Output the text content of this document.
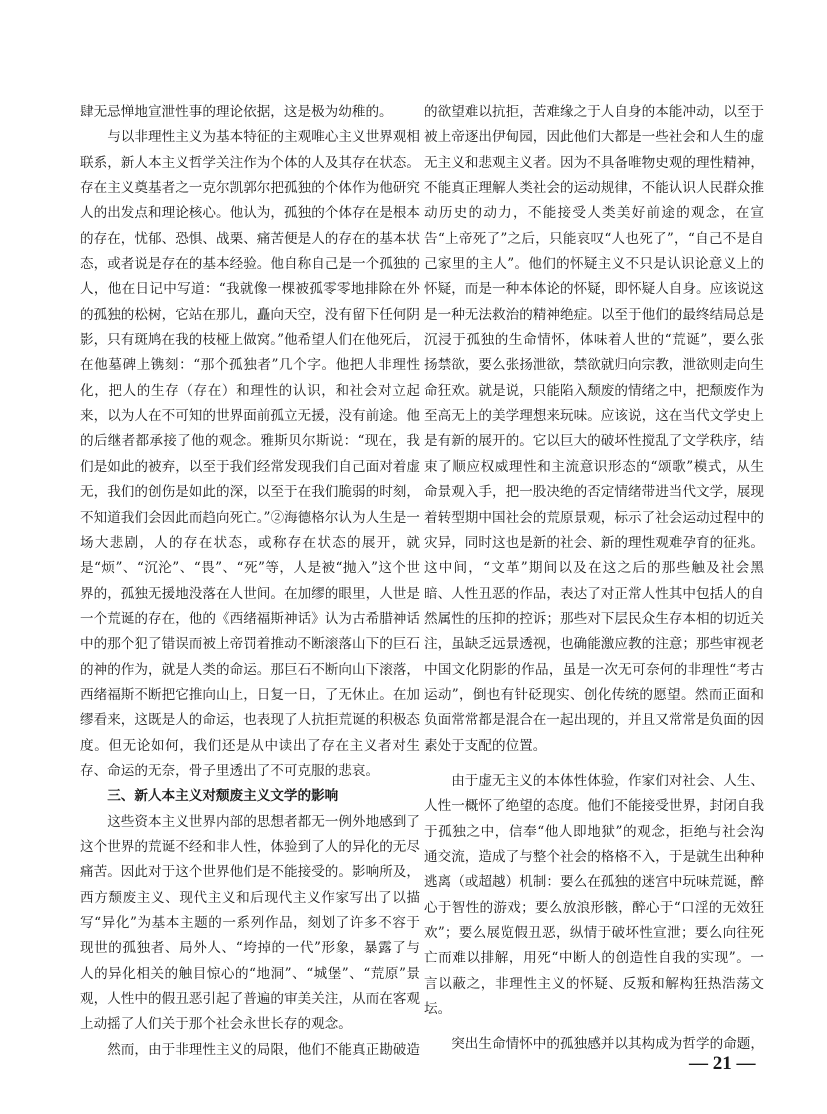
肆无忌惮地宣泄性事的理论依据，这是极为幼稚的。

与以非理性主义为基本特征的主观唯心主义世界观相联系，新人本主义哲学关注作为个体的人及其存在状态。存在主义奠基者之一克尔凯郭尔把孤独的个体作为他研究人的出发点和理论核心。他认为，孤独的个体存在是根本的存在，忧郁、恐惧、战栗、痛苦便是人的存在的基本状态，或者说是存在的基本经验。他自称自己是一个孤独的人，他在日记中写道：“我就像一棵被孤零零地排除在外的孤独的松树，它站在那儿，矗向天空，没有留下任何阴影，只有斑鸠在我的枝桠上做窝。”他希望人们在他死后，在他墓碑上镌刻：“那个孤独者”几个字。他把人非理性化，把人的生存（存在）和理性的认识，和社会对立起来，以为人在不可知的世界面前孤立无援，没有前途。他的后继者都承接了他的观念。雅斯贝尔斯说：“现在，我们是如此的被弃，以至于我们经常发现我们自己面对着虚无，我们的创伤是如此的深，以至于在我们脆弱的时刻，不知道我们会因此而趋向死亡。”②海德格尔认为人生是一场大悲剧，人的存在状态，或称存在状态的展开，就是“烦”、“沉沦”、“畏”、“死”等，人是被“抛入”这个世界的，孤独无援地没落在人世间。在加缪的眼里，人世是一个荒诞的存在，他的《西绪福斯神话》认为古希腊神话中的那个犯了错误而被上帝罚着推动不断滚落山下的巨石的神的作为，就是人类的命运。那巨石不断向山下滚落，西绪福斯不断把它推向山上，日复一日，了无休止。在加缪看来，这既是人的命运，也表现了人抗拒荒诞的积极态度。但无论如何，我们还是从中读出了存在主义者对生存、命运的无奈，骨子里透出了不可克服的悲哀。

三、新人本主义对颓废主义文学的影响

这些资本主义世界内部的思想者都无一例外地感到了这个世界的荒诞不经和非人性，体验到了人的异化的无尽痛苦。因此对于这个世界他们是不能接受的。影响所及，西方颓废主义、现代主义和后现代主义作家写出了以描写“异化”为基本主题的一系列作品，刻划了许多不容于现世的孤独者、局外人、“垮掉的一代”形象，暴露了与人的异化相关的触目惊心的“地洞”、“城堡”、“荒原”景观，人性中的假丑恶引起了普遍的审美关注，从而在客观上动摇了人们关于那个社会永世长存的观念。

然而，由于非理性主义的局限，他们不能真正勘破造

的欲望难以抗拒，苦难缘之于人自身的本能冲动，以至于被上帝逐出伊甸园，因此他们大都是一些社会和人生的虚无主义和悲观主义者。因为不具备唯物史观的理性精神，不能真正理解人类社会的运动规律，不能认识人民群众推动历史的动力，不能接受人类美好前途的观念，在宣告“上帝死了”之后，只能哀叹“人也死了”，“自己不是自己家里的主人”。他们的怀疑主义不只是认识论意义上的怀疑，而是一种本体论的怀疑，即怀疑人自身。应该说这是一种无法救治的精神绝症。以至于他们的最终结局总是沉浸于孤独的生命情怀，体味着人世的“荒诞”，要么张扬禁欲，要么张扬泄欲，禁欲就归向宗教，泄欲则走向生命狂欢。就是说，只能陷入颓废的情绪之中，把颓废作为至高无上的美学理想来玩味。应该说，这在当代文学史上是有新的展开的。它以巨大的破坏性搅乱了文学秩序，结束了顺应权威理性和主流意识形态的“颂歌”模式，从生命景观入手，把一股决绝的否定情绪带进当代文学，展现着转型期中国社会的荒原景观，标示了社会运动过程中的灾异，同时这也是新的社会、新的理性观难孕育的征兆。这中间，“文革”期间以及在这之后的那些触及社会黑暗、人性丑恶的作品，表达了对正常人性其中包括人的自然属性的压抑的控诉；那些对下层民众生存本相的切近关注，虽缺乏远景透视，也确能激应教的注意；那些审视老中国文化阴影的作品，虽是一次无可奈何的非理性“考古运动”，倒也有针砭现实、创化传统的愿望。然而正面和负面常常都是混合在一起出现的，并且又常常是负面的因素处于支配的位置。

由于虚无主义的本体性体验，作家们对社会、人生、人性一概怀了绝望的态度。他们不能接受世界，封闭自我于孤独之中，信奉“他人即地狱”的观念，拒绝与社会沟通交流，造成了与整个社会的格格不入，于是就生出种种逃离（或超越）机制：要么在孤独的迷宫中玩味荒诞，醉心于智性的游戏；要么放浪形骸，醉心于“口淫的无效狂欢”；要么展览假丑恶，纵情于破坏性宣泄；要么向往死亡而难以排解，用死“中断人的创造性自我的实现”。一言以蔽之，非理性主义的怀疑、反叛和解构狂热浩荡文坛。

突出生命情怀中的孤独感并以其构成为哲学的命题，

— 21 —
